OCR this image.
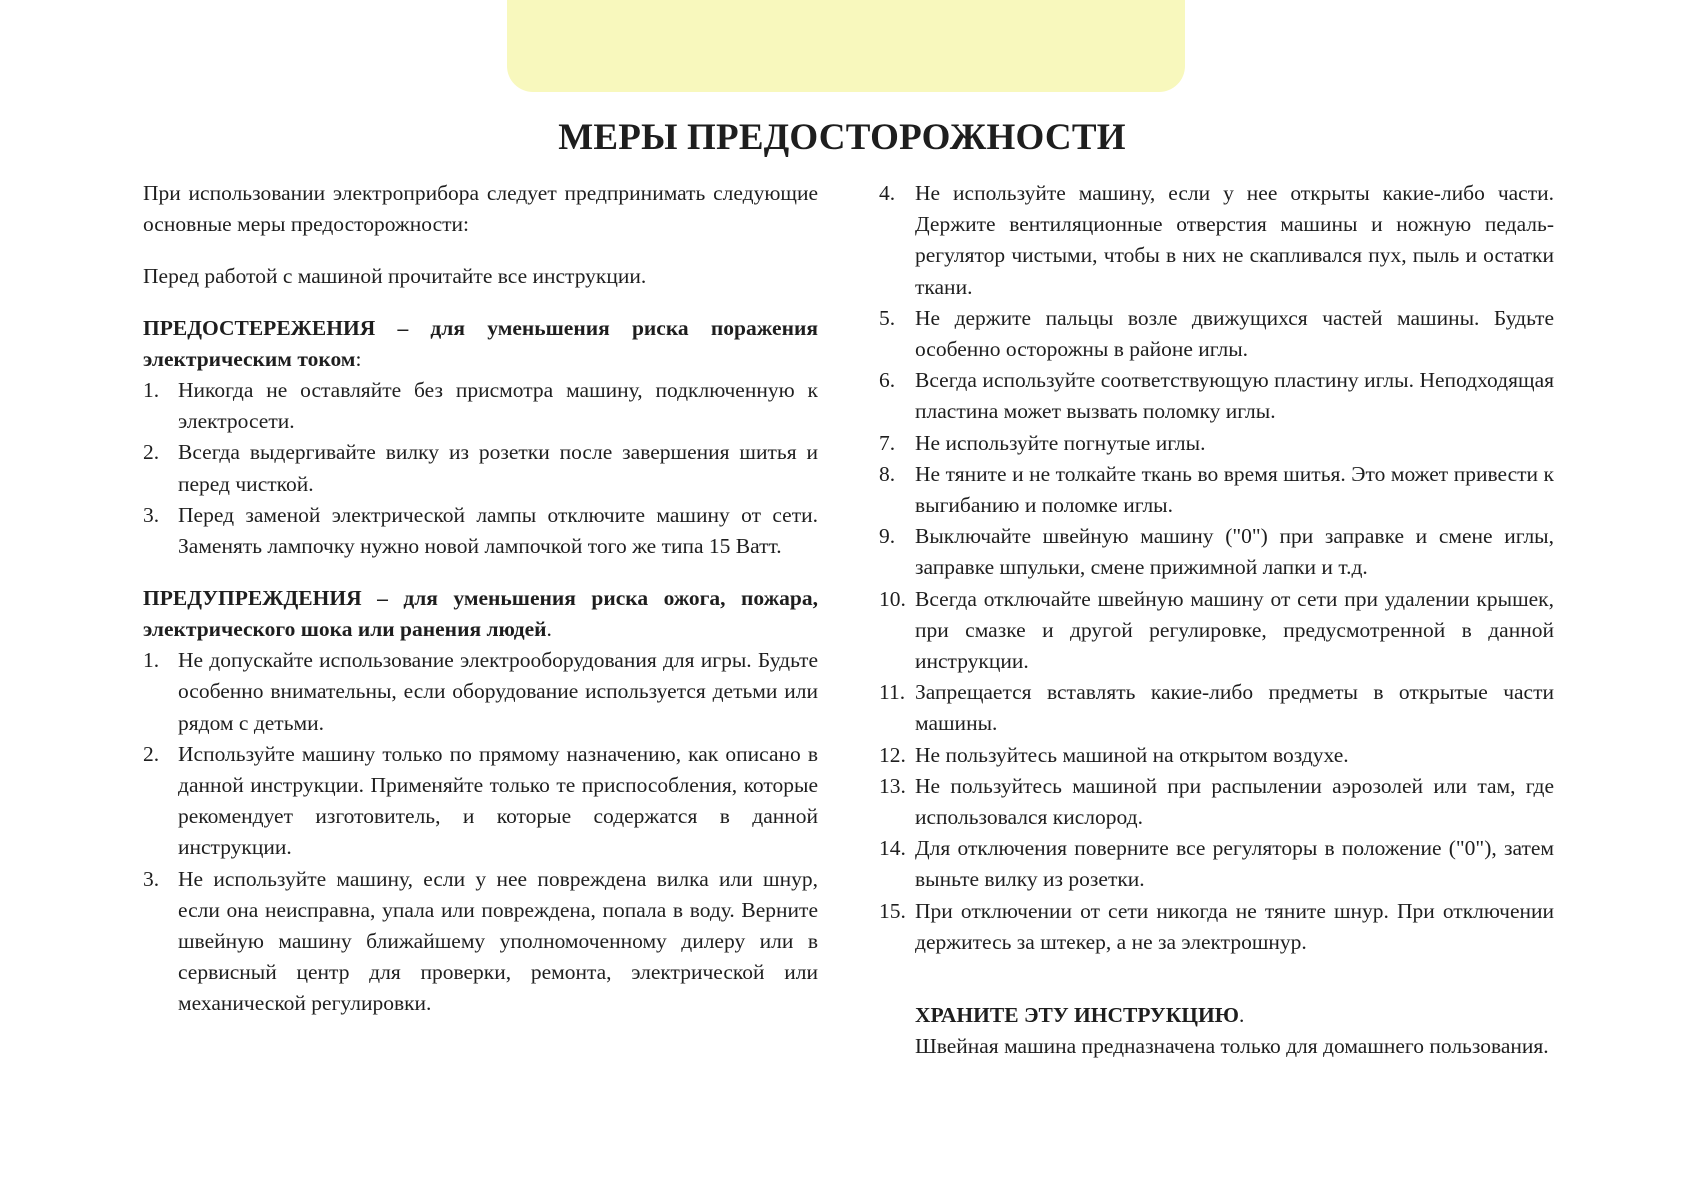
МЕРЫ ПРЕДОСТОРОЖНОСТИ

При использовании электроприбора следует предпринимать следующие основные меры предосторожности:

Перед работой с машиной прочитайте все инструкции.

ПРЕДОСТЕРЕЖЕНИЯ – для уменьшения риска поражения электрическим током:

1. Никогда не оставляйте без присмотра машину, подключенную к электросети.
2. Всегда выдергивайте вилку из розетки после завершения шитья и перед чисткой.
3. Перед заменой электрической лампы отключите машину от сети. Заменять лампочку нужно новой лампочкой того же типа 15 Ватт.

ПРЕДУПРЕЖДЕНИЯ – для уменьшения риска ожога, пожара, электрического шока или ранения людей.

1. Не допускайте использование электрооборудования для игры. Будьте особенно внимательны, если оборудование используется детьми или рядом с детьми.
2. Используйте машину только по прямому назначению, как описано в данной инструкции. Применяйте только те приспособления, которые рекомендует изготовитель, и которые содержатся в данной инструкции.
3. Не используйте машину, если у нее повреждена вилка или шнур, если она неисправна, упала или повреждена, попала в воду. Верните швейную машину ближайшему уполномоченному дилеру или в сервисный центр для проверки, ремонта, электрической или механической регулировки.
4. Не используйте машину, если у нее открыты какие-либо части. Держите вентиляционные отверстия машины и ножную педаль-регулятор чистыми, чтобы в них не скапливался пух, пыль и остатки ткани.
5. Не держите пальцы возле движущихся частей машины. Будьте особенно осторожны в районе иглы.
6. Всегда используйте соответствующую пластину иглы. Неподходящая пластина может вызвать поломку иглы.
7. Не используйте погнутые иглы.
8. Не тяните и не толкайте ткань во время шитья. Это может привести к выгибанию и поломке иглы.
9. Выключайте швейную машину ("0") при заправке и смене иглы, заправке шпульки, смене прижимной лапки и т.д.
10. Всегда отключайте швейную машину от сети при удалении крышек, при смазке и другой регулировке, предусмотренной в данной инструкции.
11. Запрещается вставлять какие-либо предметы в открытые части машины.
12. Не пользуйтесь машиной на открытом воздухе.
13. Не пользуйтесь машиной при распылении аэрозолей или там, где использовался кислород.
14. Для отключения поверните все регуляторы в положение ("0"), затем выньте вилку из розетки.
15. При отключении от сети никогда не тяните шнур. При отключении держитесь за штекер, а не за электрошнур.

ХРАНИТЕ ЭТУ ИНСТРУКЦИЮ.

Швейная машина предназначена только для домашнего пользования.
